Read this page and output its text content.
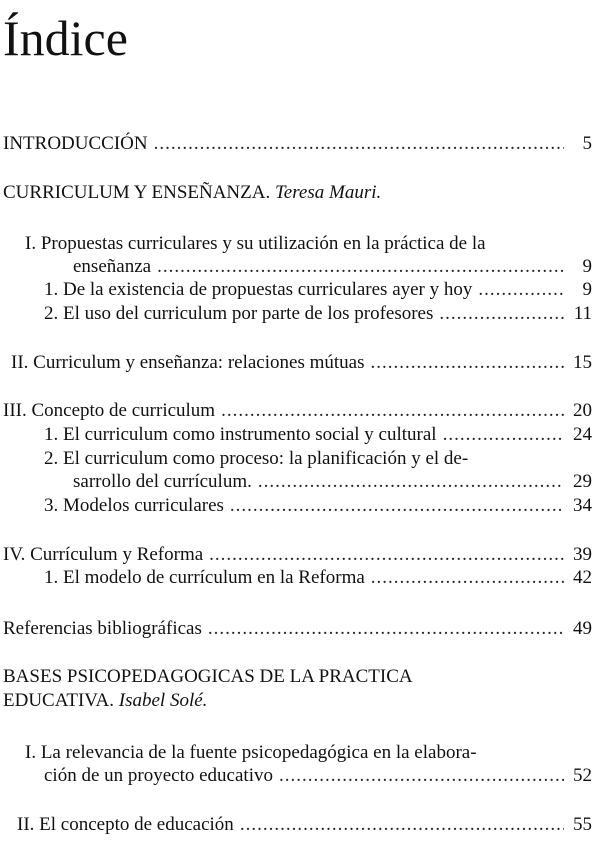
Índice
INTRODUCCIÓN .....	5
CURRICULUM Y ENSEÑANZA. Teresa Mauri.
I. Propuestas curriculares y su utilización en la práctica de la
enseñanza .....	9
1. De la existencia de propuestas curriculares ayer y hoy .....	9
2. El uso del curriculum por parte de los profesores .....	11
II. Curriculum y enseñanza: relaciones mútuas .....	15
III. Concepto de curriculum .....	20
1. El curriculum como instrumento social y cultural .....	24
2. El curriculum como proceso: la planificación y el de-
sarrollo del currículum. .....	29
3. Modelos curriculares .....	34
IV. Currículum y Reforma .....	39
1. El modelo de currículum en la Reforma .....	42
Referencias bibliográficas .....	49
BASES PSICOPEDAGOGICAS DE LA PRACTICA
EDUCATIVA. Isabel Solé.
I. La relevancia de la fuente psicopedagógica en la elabora-
ción de un proyecto educativo .....	52
II. El concepto de educación .....	55
